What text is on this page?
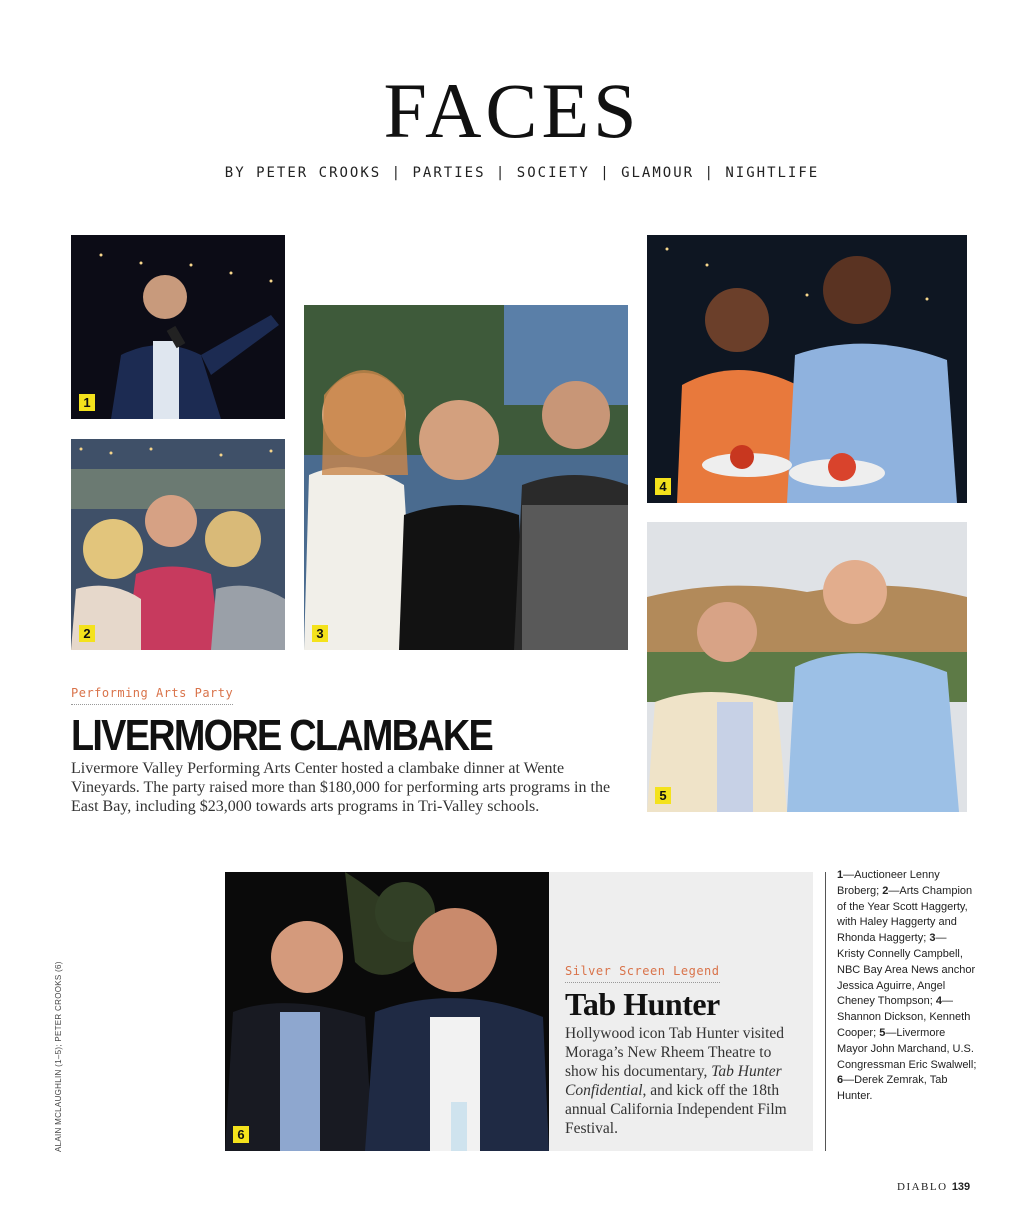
FACES
BY PETER CROOKS | PARTIES | SOCIETY | GLAMOUR | NIGHTLIFE
1
2	3
4
5
Performing Arts Party
LIVERMORE CLAMBAKE
Livermore Valley Performing Arts Center hosted a clambake dinner at Wente Vineyards. The party raised more than $180,000 for performing arts programs in the East Bay, including $23,000 towards arts programs in Tri-Valley schools.
6
Silver Screen Legend
Tab Hunter
Hollywood icon Tab Hunter visited Moraga’s New Rheem Theatre to show his documentary, Tab Hunter Confidential, and kick off the 18th annual California Independent Film Festival.
1—Auctioneer Lenny Broberg; 2—Arts Champion of the Year Scott Haggerty, with Haley Haggerty and Rhonda Haggerty; 3— Kristy Connelly Campbell, NBC Bay Area News anchor Jessica Aguirre, Angel Cheney Thompson; 4—Shannon Dickson, Kenneth Cooper; 5—Livermore Mayor John Marchand, U.S. Congressman Eric Swalwell; 6—Derek Zemrak, Tab Hunter.
ALAIN MCLAUGHLIN (1–5); PETER CROOKS (6)
DIABLO 139
